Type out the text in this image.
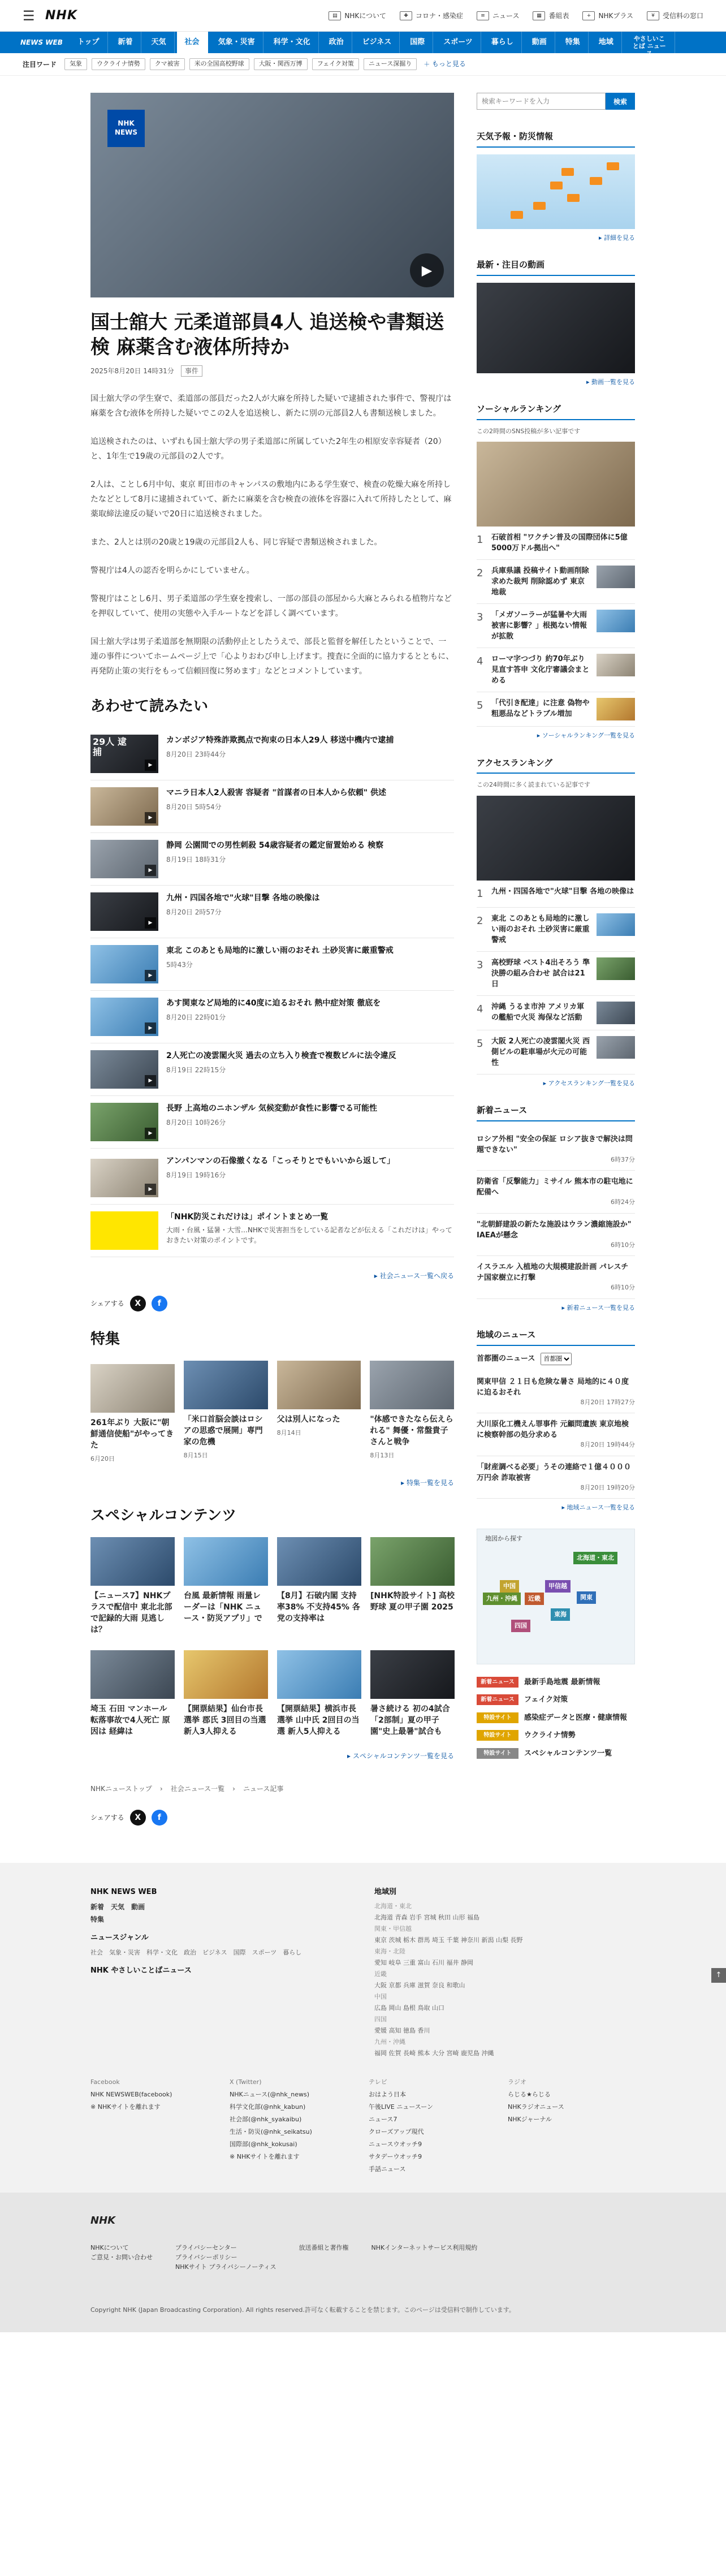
☰ NHK	▤	NHKについて	✚	コロナ・感染症	≡	ニュース	▦	番組表	+	NHKプラス	¥	受信料の窓口
NEWS WEB	トップ	新着	天気	社会	気象・災害	科学・文化	政治	ビジネス	国際	スポーツ	暮らし	動画	特集	地域	やさしいことば ニュース
注目ワード	気象	ウクライナ情勢	クマ被害	米の全国高校野球	大阪・関西万博	フェイク対策	ニュース深掘り	＋ もっと見る
NHK NEWS
▶
国士舘大 元柔道部員4人 追送検や書類送検 麻薬含む液体所持か
2025年8月20日 14時31分	事件

国士舘大学の学生寮で、柔道部の部員だった2人が大麻を所持した疑いで逮捕された事件で、警視庁は麻薬を含む液体を所持した疑いでこの2人を追送検し、新たに別の元部員2人も書類送検しました。

追送検されたのは、いずれも国士舘大学の男子柔道部に所属していた2年生の相原安幸容疑者（20）と、1年生で19歳の元部員の2人です。

2人は、ことし6月中旬、東京 町田市のキャンパスの敷地内にある学生寮で、検査の乾燥大麻を所持したなどとして8月に逮捕されていて、新たに麻薬を含む検査の液体を容器に入れて所持したとして、麻薬取締法違反の疑いで20日に追送検されました。

また、2人とは別の20歳と19歳の元部員2人も、同じ容疑で書類送検されました。

警視庁は4人の認否を明らかにしていません。

警視庁はことし6月、男子柔道部の学生寮を捜索し、一部の部員の部屋から大麻とみられる植物片などを押収していて、使用の実態や入手ルートなどを詳しく調べています。

国士舘大学は男子柔道部を無期限の活動停止としたうえで、部長と監督を解任したということで、一連の事件についてホームページ上で「心よりおわび申し上げます。捜査に全面的に協力するとともに、再発防止策の実行をもって信頼回復に努めます」などとコメントしています。

あわせて読みたい
29人 逮捕
▶
カンボジア特殊詐欺拠点で拘束の日本人29人 移送中機内で逮捕
8月20日 23時44分
▶
マニラ日本人2人殺害 容疑者 "首謀者の日本人から依頼" 供述
8月20日 5時54分
▶
静岡 公園間での男性刺殺 54歳容疑者の鑑定留置始める 検察
8月19日 18時31分
▶
九州・四国各地で"火球"目撃 各地の映像は
8月20日 2時57分
▶
東北 このあとも局地的に激しい雨のおそれ 土砂災害に厳重警戒
5時43分
▶
あす関東など局地的に40度に迫るおそれ 熱中症対策 徹底を
8月20日 22時01分
▶
2人死亡の凌雲閣火災 過去の立ち入り検査で複数ビルに法令違反
8月19日 22時15分
▶
長野 上高地のニホンザル 気候変動が食性に影響でる可能性
8月20日 10時26分
▶
アンパンマンの石像撤くなる「こっそりとでもいいから返して」
8月19日 19時16分
「NHK防災これだけは」ポイントまとめ一覧
大雨・台風・猛暑・大雪…NHKで災害担当をしている記者などが伝える「これだけは」やっておきたい対策のポイントです。
▸ 社会ニュース一覧へ戻る
シェアする	X	f
特集
261年ぶり 大阪に"朝鮮通信使船"がやってきた
6月20日
「米口首脳会談はロシアの思惑で展開」専門家の危機
8月15日
父は別人になった
8月14日
"体感できたなら伝えられる" 舞優・常盤貴子さんと戦争
8月13日
▸ 特集一覧を見る
スペシャルコンテンツ
【ニュース7】NHKプラスで配信中 東北北部で記録的大雨 見逃しは？
台風 最新情報 雨量レーダーは「NHK ニュース・防災アプリ」で
【8月】石破内閣 支持率38% 不支持45% 各党の支持率は
[NHK特設サイト] 高校野球 夏の甲子園 2025
埼玉 石田 マンホール転落事故で4人死亡 原因は 経緯は
【開票結果】仙台市長選挙 郡氏 3回目の当選 新人3人抑える
【開票結果】横浜市長選挙 山中氏 2回目の当選 新人5人抑える
暑さ続ける 初の4試合「2部制」夏の甲子園"史上最暑"試合も
▸ スペシャルコンテンツ一覧を見る
NHKニューストップ › 社会ニュース一覧 › ニュース記事
シェアする	X	f
検索キーワードを入力
検索
天気予報・防災情報
▸ 詳細を見る
最新・注目の動画
▸ 動画一覧を見る
ソーシャルランキング
この2時間のSNS投稿が多い記事です
1	石破首相 "ワクチン普及の国際団体に5億5000万ドル拠出へ"
2	兵庫県議 投稿サイト動画削除求めた裁判 削除認めず 東京地裁
3	「メガソーラーが猛暑や大雨被害に影響？」根拠ない情報が拡散
4	ローマ字つづり 約70年ぶり見直す答申 文化庁審議会まとめる
5	「代引き配達」に注意 偽物や粗悪品などトラブル増加
▸ ソーシャルランキング一覧を見る
アクセスランキング
この24時間に多く読まれている記事です
1	九州・四国各地で"火球"目撃 各地の映像は
2	東北 このあとも局地的に激しい雨のおそれ 土砂災害に厳重警戒
3	高校野球 ベスト4出そろう 準決勝の組み合わせ 試合は21日
4	沖縄 うるま市沖 アメリカ軍の艦船で火災 海保など活動
5	大阪 2人死亡の凌雲閣火災 西側ビルの駐車場が火元の可能性
▸ アクセスランキング一覧を見る
新着ニュース
ロシア外相 "安全の保証 ロシア抜きで解決は問題できない"
6時37分
防衛省「反撃能力」ミサイル 熊本市の駐屯地に配備へ
6時24分
"北朝鮮建設の新たな施設はウラン濃縮施設か" IAEAが懸念
6時10分
イスラエル 入植地の大規模建設計画 パレスチナ国家樹立に打撃
6時10分
▸ 新着ニュース一覧を見る
地域のニュース
首都圏のニュース
首都圏
関東甲信 ２１日も危険な暑さ 局地的に４０度に迫るおそれ
8月20日 17時27分
大川原化工機えん罪事件 元顧問遺族 東京地検に検察幹部の処分求める
8月20日 19時44分
「財産調べる必要」うその連絡で１億４０００万円余 詐取被害
8月20日 19時20分
▸ 地域ニュース一覧を見る
地図から探す
北海道・東北
関東
甲信越
東海
近畿
中国
四国
九州・沖縄
新着ニュース	最新手島地震 最新情報
新着ニュース	フェイク対策
特設サイト	感染症データと医療・健康情報
特設サイト	ウクライナ情勢
特設サイト	スペシャルコンテンツ一覧
NHK NEWS WEB
新着　 天気　 動画
特集
ニュースジャンル
社会　 気象・災害　 科学・文化　 政治　 ビジネス　 国際　 スポーツ　 暮らし
NHK やさしいことばニュース
地域別
北海道・東北
北海道 青森 岩手 宮城 秋田 山形 福島
関東・甲信越
東京 茨城 栃木 群馬 埼玉 千葉 神奈川 新潟 山梨 長野
東海・北陸
愛知 岐阜 三重 富山 石川 福井 静岡
近畿
大阪 京都 兵庫 滋賀 奈良 和歌山
中国
広島 岡山 島根 鳥取 山口
四国
愛媛 高知 徳島 香川
九州・沖縄
福岡 佐賀 長崎 熊本 大分 宮崎 鹿児島 沖縄
Facebook
NHK NEWSWEB(facebook)
※ NHKサイトを離れます
X (Twitter)
NHKニュース(@nhk_news)
科学文化部(@nhk_kabun)
社会部(@nhk_syakaibu)
生活・防災(@nhk_seikatsu)
国際部(@nhk_kokusai)
※ NHKサイトを離れます
テレビ
おはよう日本
午後LIVE ニュースーン
ニュース7
クローズアップ現代
ニュースウオッチ9
サタデーウオッチ9
手話ニュース
ラジオ
らじる★らじる
NHKラジオニュース
NHKジャーナル
NHK
NHKについて
ご意見・お問い合わせ
プライバシーセンター
プライバシーポリシー
NHKサイト プライバシーノーティス
放送番組と著作権	NHKインターネットサービス利用規約
Copyright NHK (Japan Broadcasting Corporation). All rights reserved.許可なく転載することを禁じます。このページは受信料で制作しています。
↑
